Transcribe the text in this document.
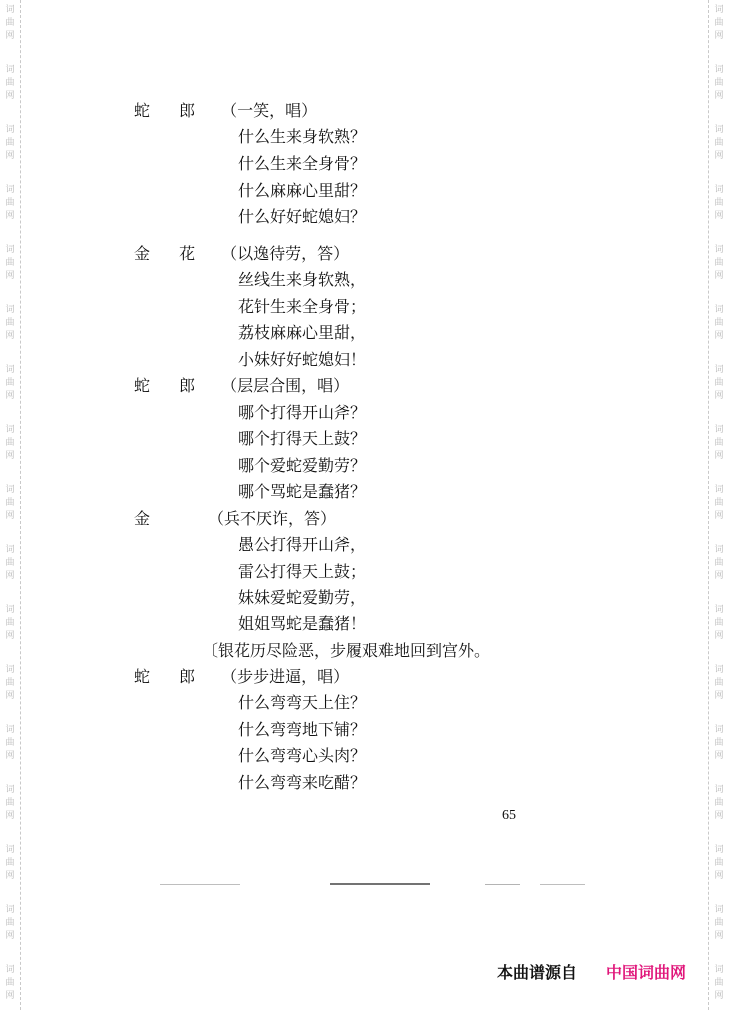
词
曲
网
词
曲
网
词
曲
网
词
曲
网
词
曲
网
词
曲
网
词
曲
网
词
曲
网
词
曲
网
词
曲
网
词
曲
网
词
曲
网
词
曲
网
词
曲
网
词
曲
网
词
曲
网
词
曲
网
词
曲
网
词
曲
网
词
曲
网
词
曲
网
词
曲
网
词
曲
网
词
曲
网
词
曲
网
词
曲
网
词
曲
网
词
曲
网
词
曲
网
词
曲
网
词
曲
网
词
曲
网
词
曲
网
词
曲
网
蛇 郎 （一笑，唱）
什么生来身软熟？
什么生来全身骨？
什么麻麻心里甜？
什么好好蛇媳妇？
金 花 （以逸待劳，答）
丝线生来身软熟，
花针生来全身骨；
荔枝麻麻心里甜，
小妹好好蛇媳妇！
蛇 郎 （层层合围，唱）
哪个打得开山斧？
哪个打得天上鼓？
哪个爱蛇爱勤劳？
哪个骂蛇是蠢猪？
金	（兵不厌诈，答）
愚公打得开山斧，
雷公打得天上鼓；
妹妹爱蛇爱勤劳，
姐姐骂蛇是蠢猪！
〔银花历尽险恶，步履艰难地回到宫外。
蛇 郎 （步步进逼，唱）
什么弯弯天上住？
什么弯弯地下铺？
什么弯弯心头肉？
什么弯弯来吃醋？
65
本曲谱源自 中国词曲网
